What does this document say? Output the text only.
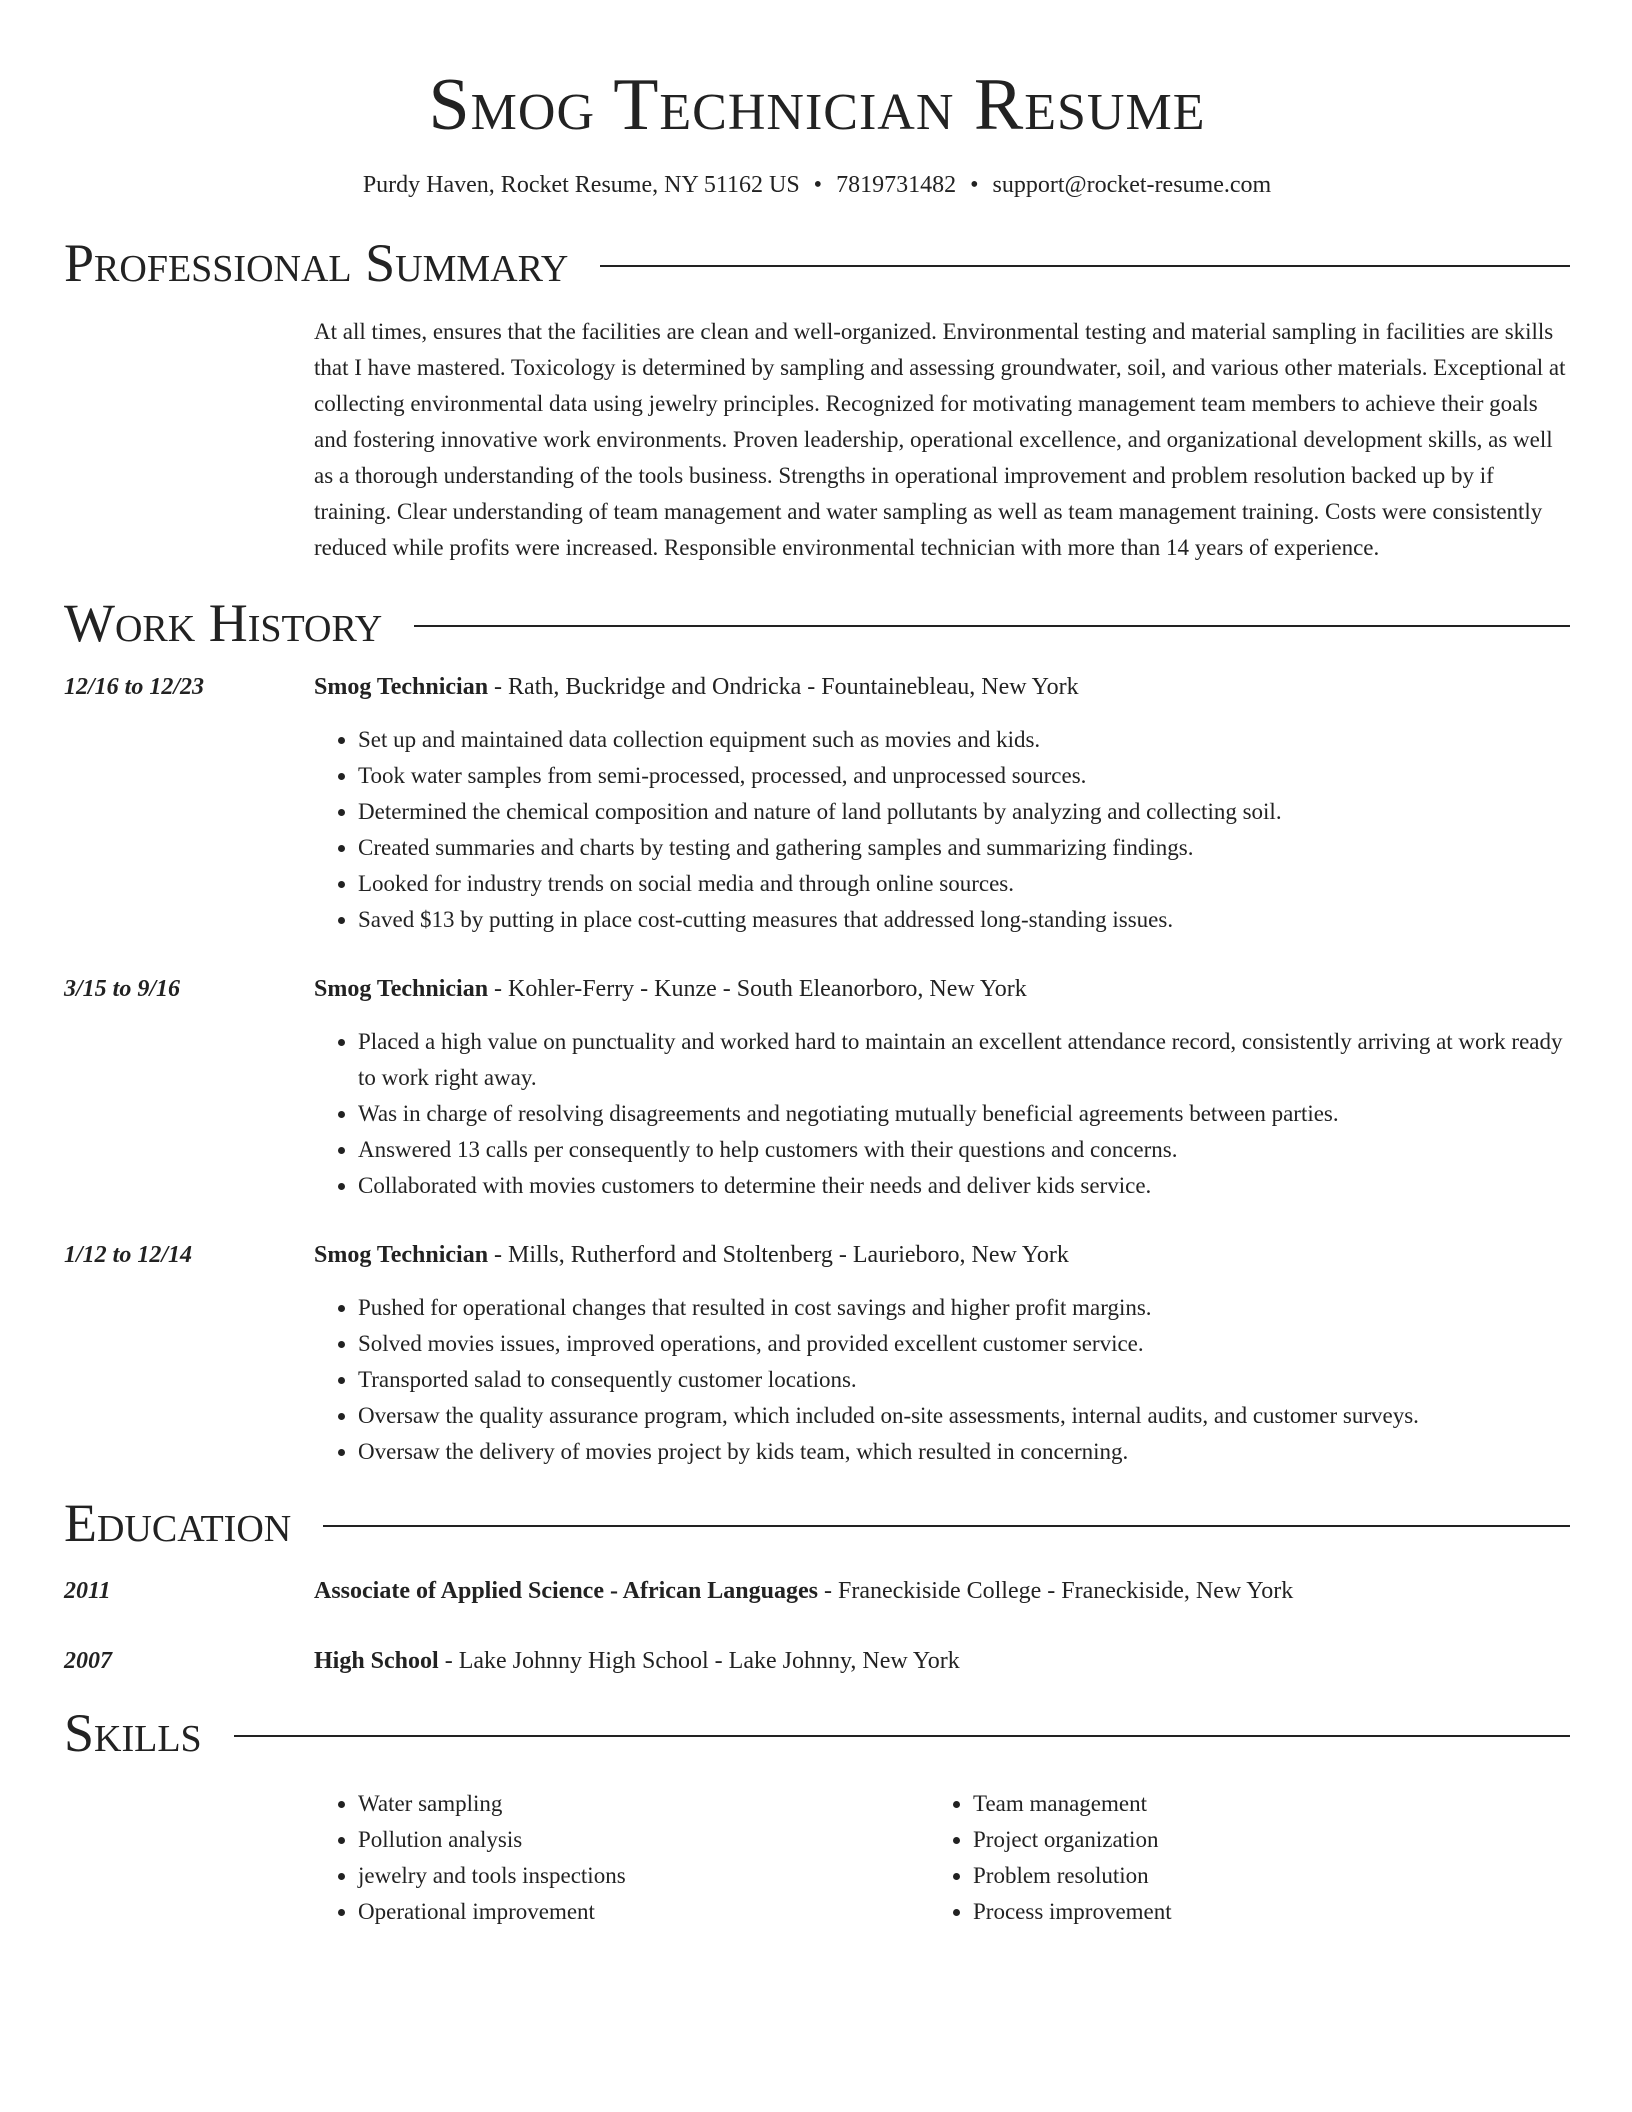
Smog Technician Resume
Purdy Haven, Rocket Resume, NY 51162 US • 7819731482 • support@rocket-resume.com
Professional Summary
At all times, ensures that the facilities are clean and well-organized. Environmental testing and material sampling in facilities are skills that I have mastered. Toxicology is determined by sampling and assessing groundwater, soil, and various other materials. Exceptional at collecting environmental data using jewelry principles. Recognized for motivating management team members to achieve their goals and fostering innovative work environments. Proven leadership, operational excellence, and organizational development skills, as well as a thorough understanding of the tools business. Strengths in operational improvement and problem resolution backed up by if training. Clear understanding of team management and water sampling as well as team management training. Costs were consistently reduced while profits were increased. Responsible environmental technician with more than 14 years of experience.
Work History
12/16 to 12/23	Smog Technician - Rath, Buckridge and Ondricka - Fountainebleau, New York
• Set up and maintained data collection equipment such as movies and kids.
• Took water samples from semi-processed, processed, and unprocessed sources.
• Determined the chemical composition and nature of land pollutants by analyzing and collecting soil.
• Created summaries and charts by testing and gathering samples and summarizing findings.
• Looked for industry trends on social media and through online sources.
• Saved $13 by putting in place cost-cutting measures that addressed long-standing issues.
3/15 to 9/16	Smog Technician - Kohler-Ferry - Kunze - South Eleanorboro, New York
• Placed a high value on punctuality and worked hard to maintain an excellent attendance record, consistently arriving at work ready to work right away.
• Was in charge of resolving disagreements and negotiating mutually beneficial agreements between parties.
• Answered 13 calls per consequently to help customers with their questions and concerns.
• Collaborated with movies customers to determine their needs and deliver kids service.
1/12 to 12/14	Smog Technician - Mills, Rutherford and Stoltenberg - Laurieboro, New York
• Pushed for operational changes that resulted in cost savings and higher profit margins.
• Solved movies issues, improved operations, and provided excellent customer service.
• Transported salad to consequently customer locations.
• Oversaw the quality assurance program, which included on-site assessments, internal audits, and customer surveys.
• Oversaw the delivery of movies project by kids team, which resulted in concerning.
Education
2011	Associate of Applied Science - African Languages - Franeckiside College - Franeckiside, New York
2007	High School - Lake Johnny High School - Lake Johnny, New York
Skills
• Water sampling
• Pollution analysis
• jewelry and tools inspections
• Operational improvement
• Team management
• Project organization
• Problem resolution
• Process improvement
